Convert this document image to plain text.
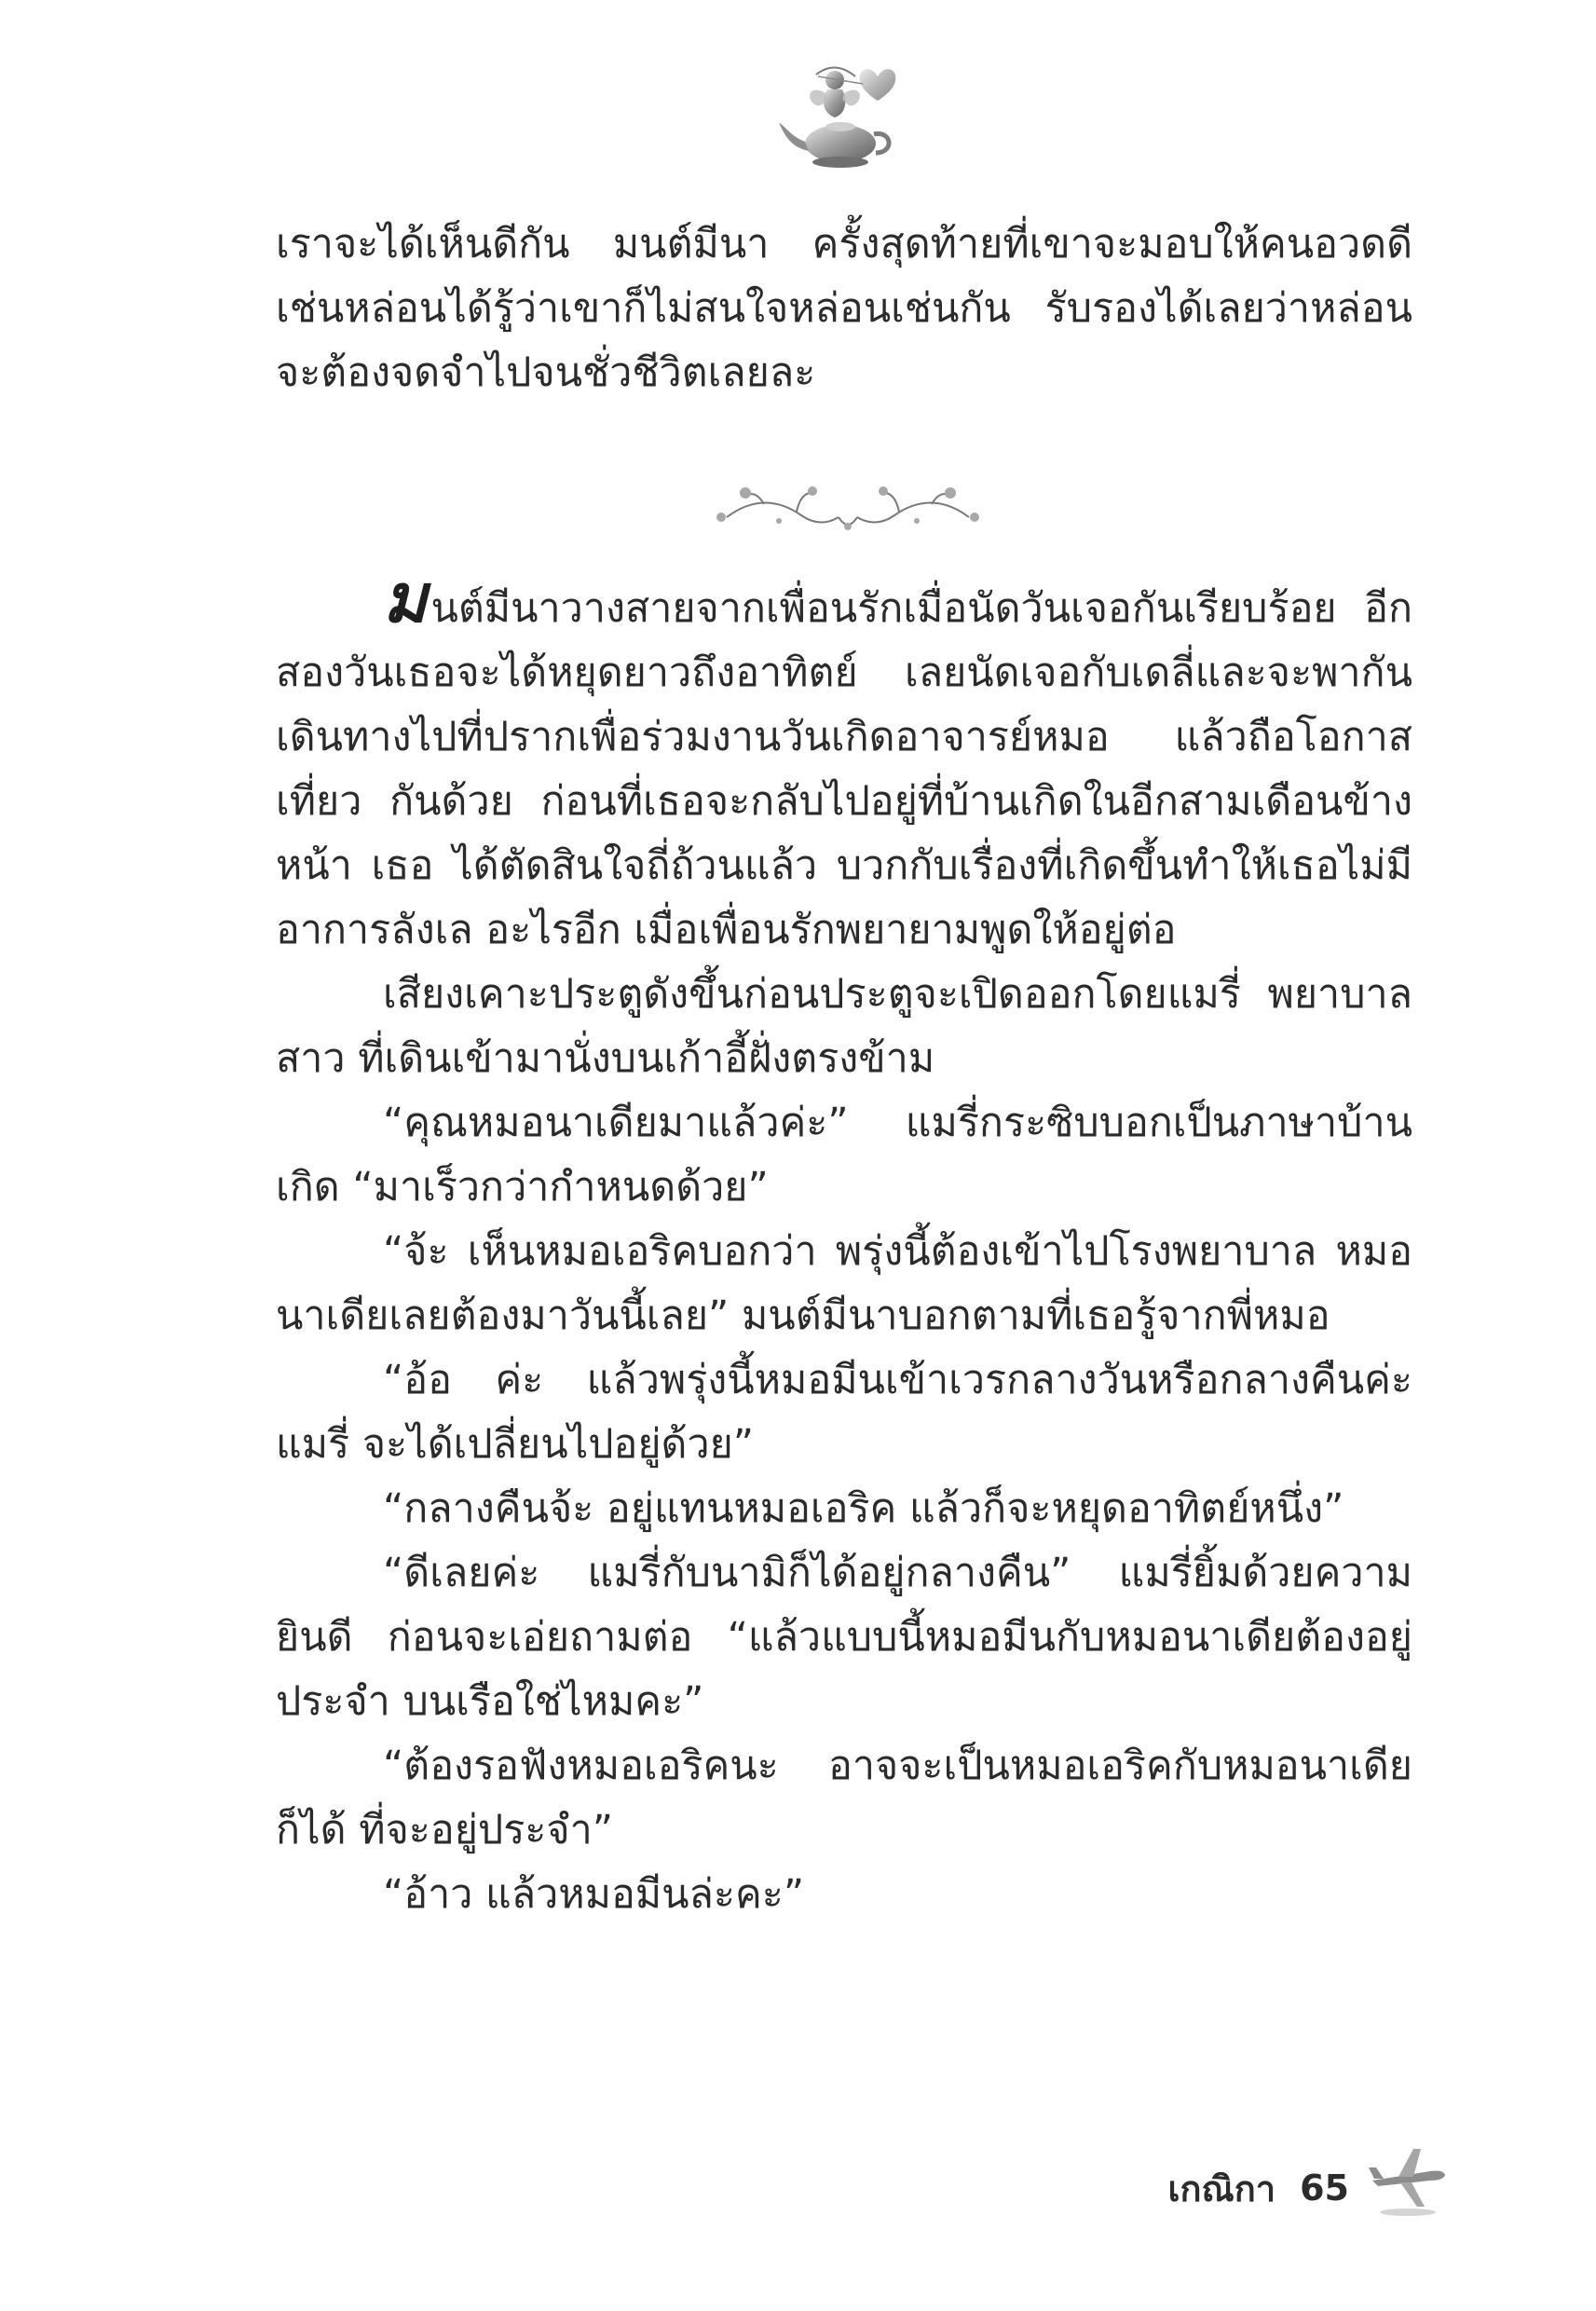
เราจะได้เห็นดีกัน มนต์มีนา ครั้งสุดท้ายที่เขาจะมอบให้คนอวดดี เช่นหล่อนได้รู้ว่าเขาก็ไม่สนใจหล่อนเช่นกัน รับรองได้เลยว่าหล่อน จะต้องจดจำไปจนชั่วชีวิตเลยละ

มนต์มีนาวางสายจากเพื่อนรักเมื่อนัดวันเจอกันเรียบร้อย อีกสองวันเธอจะได้หยุดยาวถึงอาทิตย์ เลยนัดเจอกับเดลี่และจะพากัน เดินทางไปที่ปรากเพื่อร่วมงานวันเกิดอาจารย์หมอ แล้วถือโอกาสเที่ยว กันด้วย ก่อนที่เธอจะกลับไปอยู่ที่บ้านเกิดในอีกสามเดือนข้างหน้า เธอ ได้ตัดสินใจถี่ถ้วนแล้ว บวกกับเรื่องที่เกิดขึ้นทำให้เธอไม่มีอาการลังเล อะไรอีก เมื่อเพื่อนรักพยายามพูดให้อยู่ต่อ

เสียงเคาะประตูดังขึ้นก่อนประตูจะเปิดออกโดยแมรี่ พยาบาลสาว ที่เดินเข้ามานั่งบนเก้าอี้ฝั่งตรงข้าม

“คุณหมอนาเดียมาแล้วค่ะ” แมรี่กระซิบบอกเป็นภาษาบ้านเกิด “มาเร็วกว่ากำหนดด้วย”

“จ้ะ เห็นหมอเอริคบอกว่า พรุ่งนี้ต้องเข้าไปโรงพยาบาล หมอ นาเดียเลยต้องมาวันนี้เลย” มนต์มีนาบอกตามที่เธอรู้จากพี่หมอ

“อ้อ ค่ะ แล้วพรุ่งนี้หมอมีนเข้าเวรกลางวันหรือกลางคืนค่ะ แมรี่ จะได้เปลี่ยนไปอยู่ด้วย”

“กลางคืนจ้ะ อยู่แทนหมอเอริค แล้วก็จะหยุดอาทิตย์หนึ่ง”

“ดีเลยค่ะ แมรี่กับนามิก็ได้อยู่กลางคืน” แมรี่ยิ้มด้วยความยินดี ก่อนจะเอ่ยถามต่อ “แล้วแบบนี้หมอมีนกับหมอนาเดียต้องอยู่ประจำ บนเรือใช่ไหมคะ”

“ต้องรอฟังหมอเอริคนะ อาจจะเป็นหมอเอริคกับหมอนาเดียก็ได้ ที่จะอยู่ประจำ”

“อ้าว แล้วหมอมีนล่ะคะ”

เกณิกา 65
